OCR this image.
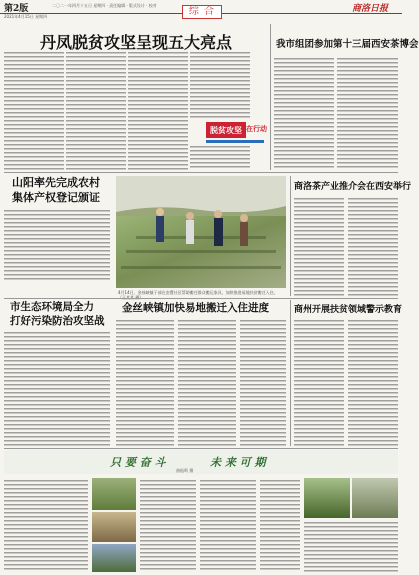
第2版	二〇二一年四月十五日 星期四 · 责任编辑 · 版式设计 · 校对
综 合	商洛日报
2021年4月15日 星期四
丹凤脱贫攻坚呈现五大亮点
脱贫攻坚 在行动
我市组团参加第十三届西安茶博会
山阳率先完成农村
集体产权登记颁证
4月14日，金丝峡镇干部在安置社区帮助搬迁群众搬运家具，加快推进易地扶贫搬迁入住。
商洛茶产业推介会在西安举行
市生态环境局全力
打好污染防治攻坚战
金丝峡镇加快易地搬迁入住进度	商州开展扶贫领域警示教育
只 要 奋 斗	未 来 可 期
曲振鸣 摄
